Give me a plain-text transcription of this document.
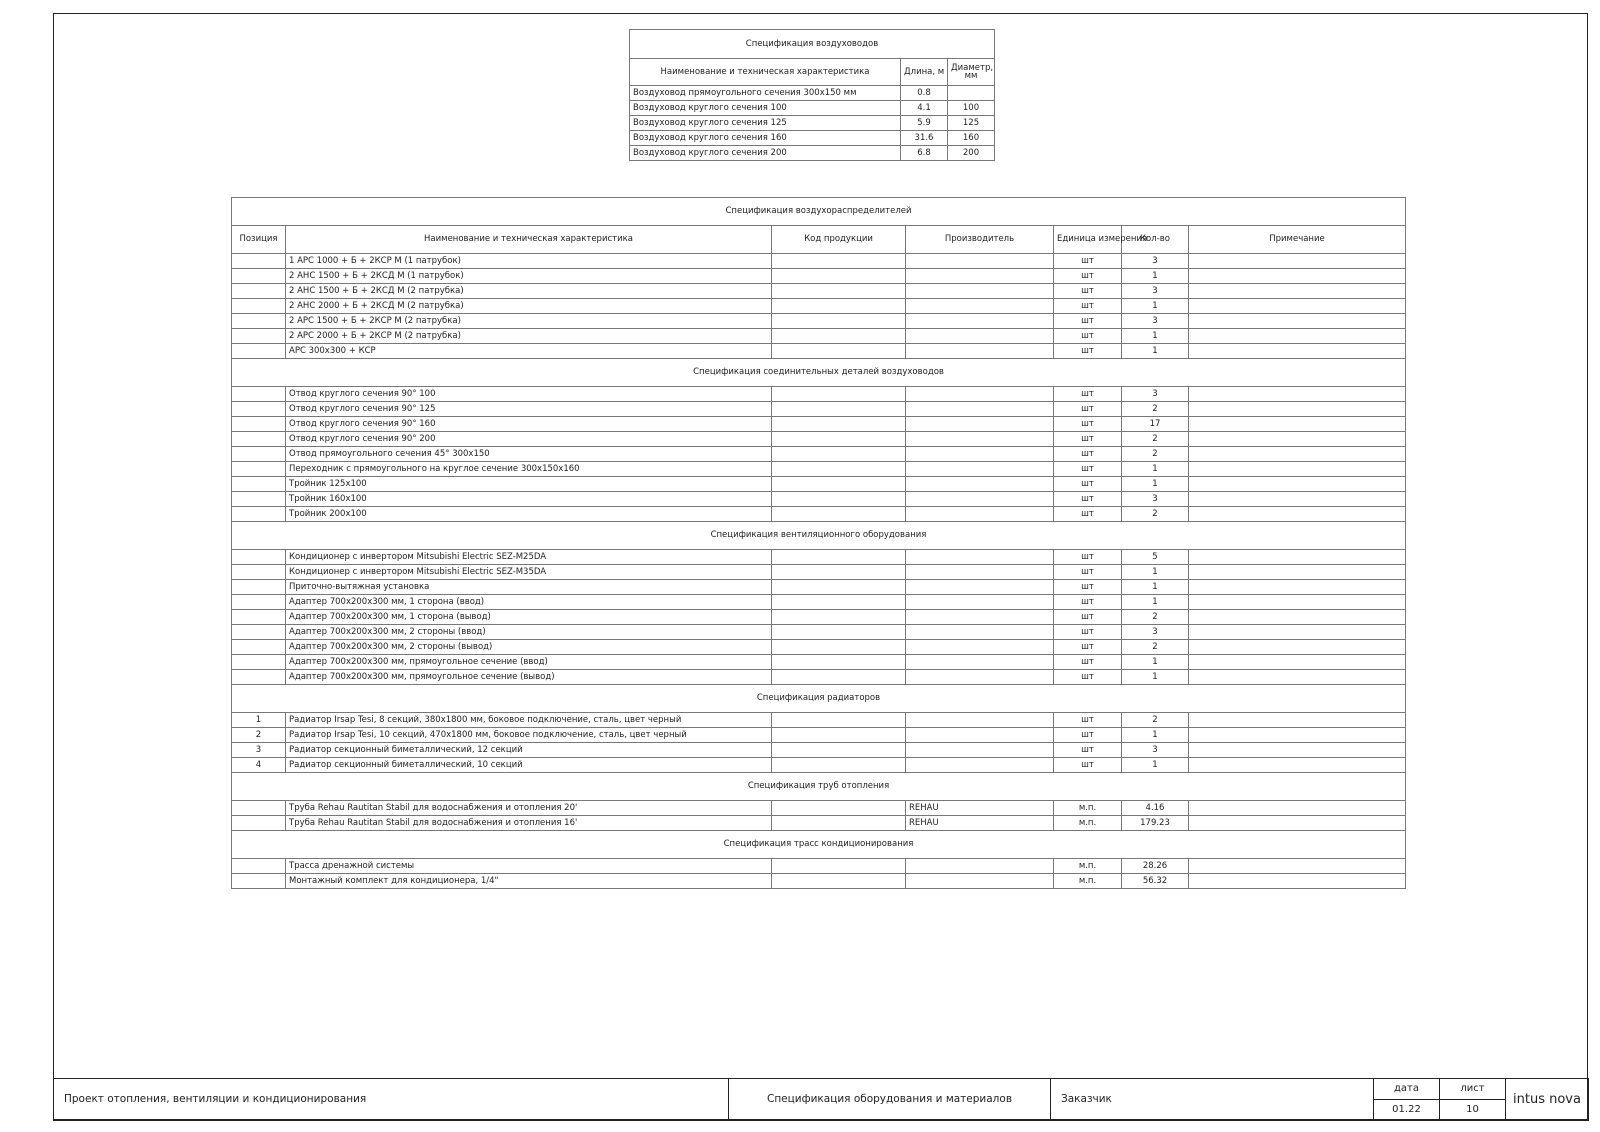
Спецификация воздуховодов		
Наименование и техническая характеристика	Длина, м	Диаметр, мм
Воздуховод прямоугольного сечения 300х150 мм	0.8	
Воздуховод круглого сечения 100	4.1	100
Воздуховод круглого сечения 125	5.9	125
Воздуховод круглого сечения 160	31.6	160
Воздуховод круглого сечения 200	6.8	200
Спецификация воздухораспределителей						
Позиция	Наименование и техническая характеристика	Код продукции	Производитель	Единица измерения	Кол-во	Примечание
	1 АРС 1000 + Б + 2КСР М (1 патрубок)			шт	3	
	2 АНС 1500 + Б + 2КСД М (1 патрубок)			шт	1	
	2 АНС 1500 + Б + 2КСД М (2 патрубка)			шт	3	
	2 АНС 2000 + Б + 2КСД М (2 патрубка)			шт	1	
	2 АРС 1500 + Б + 2КСР М (2 патрубка)			шт	3	
	2 АРС 2000 + Б + 2КСР М (2 патрубка)			шт	1	
	АРС 300х300 + КСР			шт	1	
Спецификация соединительных деталей воздуховодов						
	Отвод круглого сечения 90° 100			шт	3	
	Отвод круглого сечения 90° 125			шт	2	
	Отвод круглого сечения 90° 160			шт	17	
	Отвод круглого сечения 90° 200			шт	2	
	Отвод прямоугольного сечения 45° 300х150			шт	2	
	Переходник с прямоугольного на круглое сечение 300х150х160			шт	1	
	Тройник 125х100			шт	1	
	Тройник 160х100			шт	3	
	Тройник 200х100			шт	2	
Спецификация вентиляционного оборудования						
	Кондиционер с инвертором Mitsubishi Electric SEZ-M25DA			шт	5	
	Кондиционер с инвертором Mitsubishi Electric SEZ-M35DA			шт	1	
	Приточно-вытяжная установка			шт	1	
	Адаптер 700х200х300 мм, 1 сторона (ввод)			шт	1	
	Адаптер 700х200х300 мм, 1 сторона (вывод)			шт	2	
	Адаптер 700х200х300 мм, 2 стороны (ввод)			шт	3	
	Адаптер 700х200х300 мм, 2 стороны (вывод)			шт	2	
	Адаптер 700х200х300 мм, прямоугольное сечение (ввод)			шт	1	
	Адаптер 700х200х300 мм, прямоугольное сечение (вывод)			шт	1	
Спецификация радиаторов						
1	Радиатор Irsap Tesi, 8 секций, 380х1800 мм, боковое подключение, сталь, цвет черный			шт	2	
2	Радиатор Irsap Tesi, 10 секций, 470х1800 мм, боковое подключение, сталь, цвет черный			шт	1	
3	Радиатор секционный биметаллический, 12 секций			шт	3	
4	Радиатор секционный биметаллический, 10 секций			шт	1	
Спецификация труб отопления						
	Труба Rehau Rautitan Stabil для водоснабжения и отопления 20'		REHAU	м.п.	4.16	
	Труба Rehau Rautitan Stabil для водоснабжения и отопления 16'		REHAU	м.п.	179.23	
Спецификация трасс кондиционирования						
	Трасса дренажной системы			м.п.	28.26	
	Монтажный комплект для кондиционера, 1/4"			м.п.	56.32	
Проект отопления, вентиляции и кондиционирования	Спецификация оборудования и материалов	Заказчик	дата	лист	intus nova
			01.22	10	
